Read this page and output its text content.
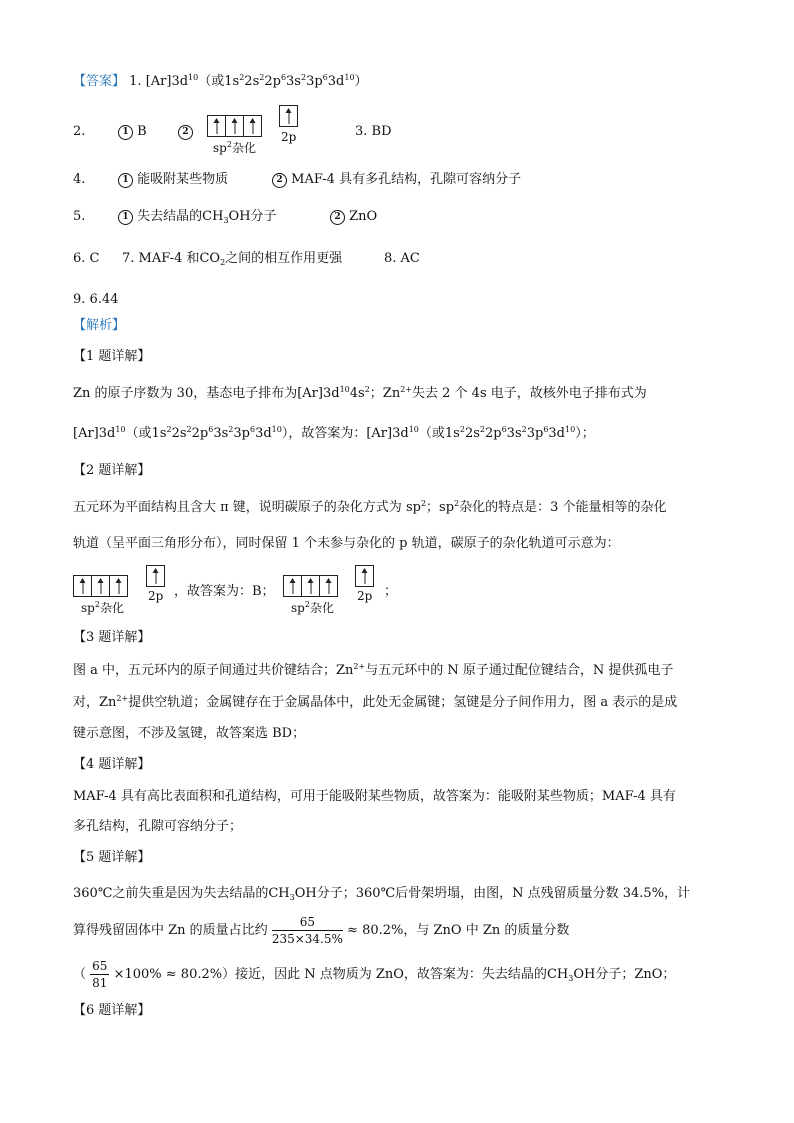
【答案】 1. $[Ar]3d^{10}$（或$1s^22s^22p^63s^23p^63d^{10}$）
2.	1 B	2
$sp^2$杂化
2p	3. BD
4.	1 能吸附某些物质	2 MAF-4 具有多孔结构，孔隙可容纳分子
5.	1 失去结晶的$CH_3OH$分子	2 ZnO
6. C 7. MAF-4 和$CO_2$之间的相互作用更强	8. AC
9. 6.44
【解析】
【1 题详解】
Zn 的原子序数为 30，基态电子排布为$[Ar]3d^{10}4s^2$；$Zn^{2+}$失去 2 个 4s 电子，故核外电子排布式为
$[Ar]3d^{10}$（或$1s^22s^22p^63s^23p^63d^{10}$），故答案为：$[Ar]3d^{10}$（或$1s^22s^22p^63s^23p^63d^{10}$）；
【2 题详解】
五元环为平面结构且含大 π 键，说明碳原子的杂化方式为 $sp^2$；$sp^2$杂化的特点是：3 个能量相等的杂化
轨道（呈平面三角形分布），同时保留 1 个未参与杂化的 p 轨道，碳原子的杂化轨道可示意为：
$sp^2$杂化
2p ，故答案为：B；
$sp^2$杂化
2p ；
【3 题详解】
图 a 中，五元环内的原子间通过共价键结合；$Zn^{2+}$与五元环中的 N 原子通过配位键结合，N 提供孤电子
对，$Zn^{2+}$提供空轨道；金属键存在于金属晶体中，此处无金属键；氢键是分子间作用力，图 a 表示的是成
键示意图，不涉及氢键，故答案选 BD；
【4 题详解】
MAF-4 具有高比表面积和孔道结构，可用于能吸附某些物质，故答案为：能吸附某些物质；MAF-4 具有
多孔结构，孔隙可容纳分子；
【5 题详解】
360℃之前失重是因为失去结晶的$CH_3OH$分子；360℃后骨架坍塌，由图，N 点残留质量分数 34.5%，计
算得残留固体中 Zn 的质量占比约 $\frac{65}{235\times 34.5\%} \approx 80.2\%$，与 ZnO 中 Zn 的质量分数
（ $\frac{65}{81} \times 100\% \approx 80.2\%$）接近，因此 N 点物质为 ZnO，故答案为：失去结晶的$CH_3OH$分子；ZnO；
【6 题详解】
